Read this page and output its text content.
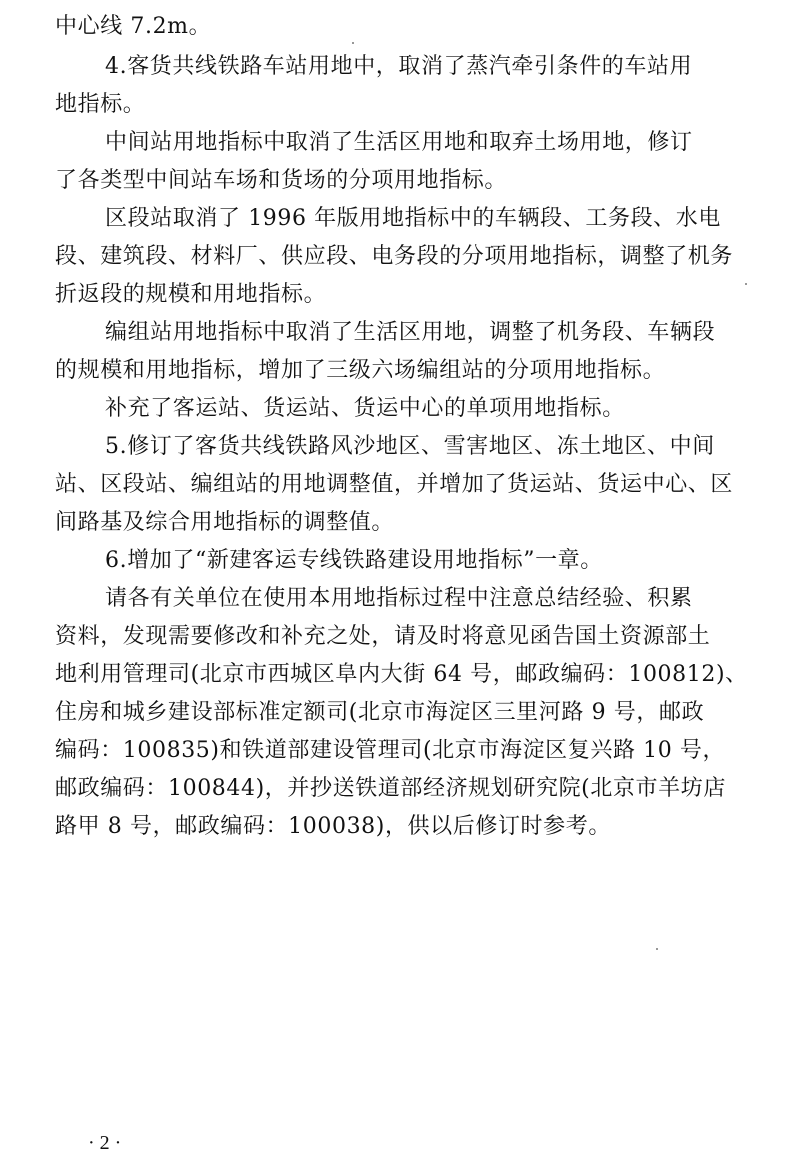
中心线 7.2m。
4.客货共线铁路车站用地中，取消了蒸汽牵引条件的车站用
地指标。
中间站用地指标中取消了生活区用地和取弃土场用地，修订
了各类型中间站车场和货场的分项用地指标。
区段站取消了 1996 年版用地指标中的车辆段、工务段、水电
段、建筑段、材料厂、供应段、电务段的分项用地指标，调整了机务
折返段的规模和用地指标。
编组站用地指标中取消了生活区用地，调整了机务段、车辆段
的规模和用地指标，增加了三级六场编组站的分项用地指标。
补充了客运站、货运站、货运中心的单项用地指标。
5.修订了客货共线铁路风沙地区、雪害地区、冻土地区、中间
站、区段站、编组站的用地调整值，并增加了货运站、货运中心、区
间路基及综合用地指标的调整值。
6.增加了“新建客运专线铁路建设用地指标”一章。
请各有关单位在使用本用地指标过程中注意总结经验、积累
资料，发现需要修改和补充之处，请及时将意见函告国土资源部土
地利用管理司(北京市西城区阜内大街 64 号，邮政编码：100812)、
住房和城乡建设部标准定额司(北京市海淀区三里河路 9 号，邮政
编码：100835)和铁道部建设管理司(北京市海淀区复兴路 10 号，
邮政编码：100844)，并抄送铁道部经济规划研究院(北京市羊坊店
路甲 8 号，邮政编码：100038)，供以后修订时参考。
· 2 ·
